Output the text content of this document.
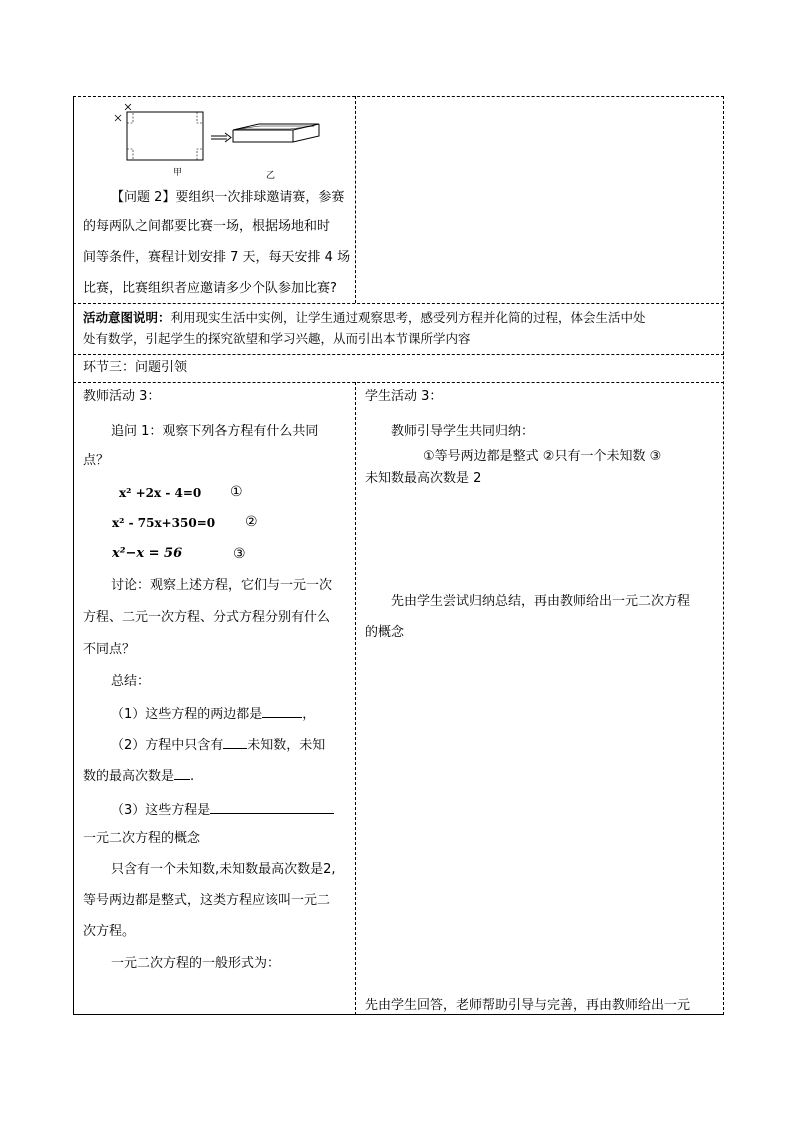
甲	乙
【问题 2】要组织一次排球邀请赛，参赛
的每两队之间都要比赛一场，根据场地和时
间等条件，赛程计划安排 7 天，每天安排 4 场
比赛，比赛组织者应邀请多少个队参加比赛?
活动意图说明：利用现实生活中实例，让学生通过观察思考，感受列方程并化简的过程，体会生活中处
处有数学，引起学生的探究欲望和学习兴趣，从而引出本节课所学内容
环节三：问题引领
教师活动 3：
追问 1：观察下列各方程有什么共同
点？
x² +2x - 4=0 ①
x² - 75x+350=0 ②
x²−x = 56	③
讨论：观察上述方程，它们与一元一次
方程、二元一次方程、分式方程分别有什么
不同点？
总结：
（1）这些方程的两边都是	，
（2）方程中只含有 未知数，未知
数的最高次数是 .
（3）这些方程是
一元二次方程的概念
只含有一个未知数,未知数最高次数是2,
等号两边都是整式，这类方程应该叫一元二
次方程。
一元二次方程的一般形式为：
学生活动 3：
教师引导学生共同归纳：
①等号两边都是整式 ②只有一个未知数 ③
未知数最高次数是 2
先由学生尝试归纳总结，再由教师给出一元二次方程
的概念
先由学生回答，老师帮助引导与完善，再由教师给出一元
